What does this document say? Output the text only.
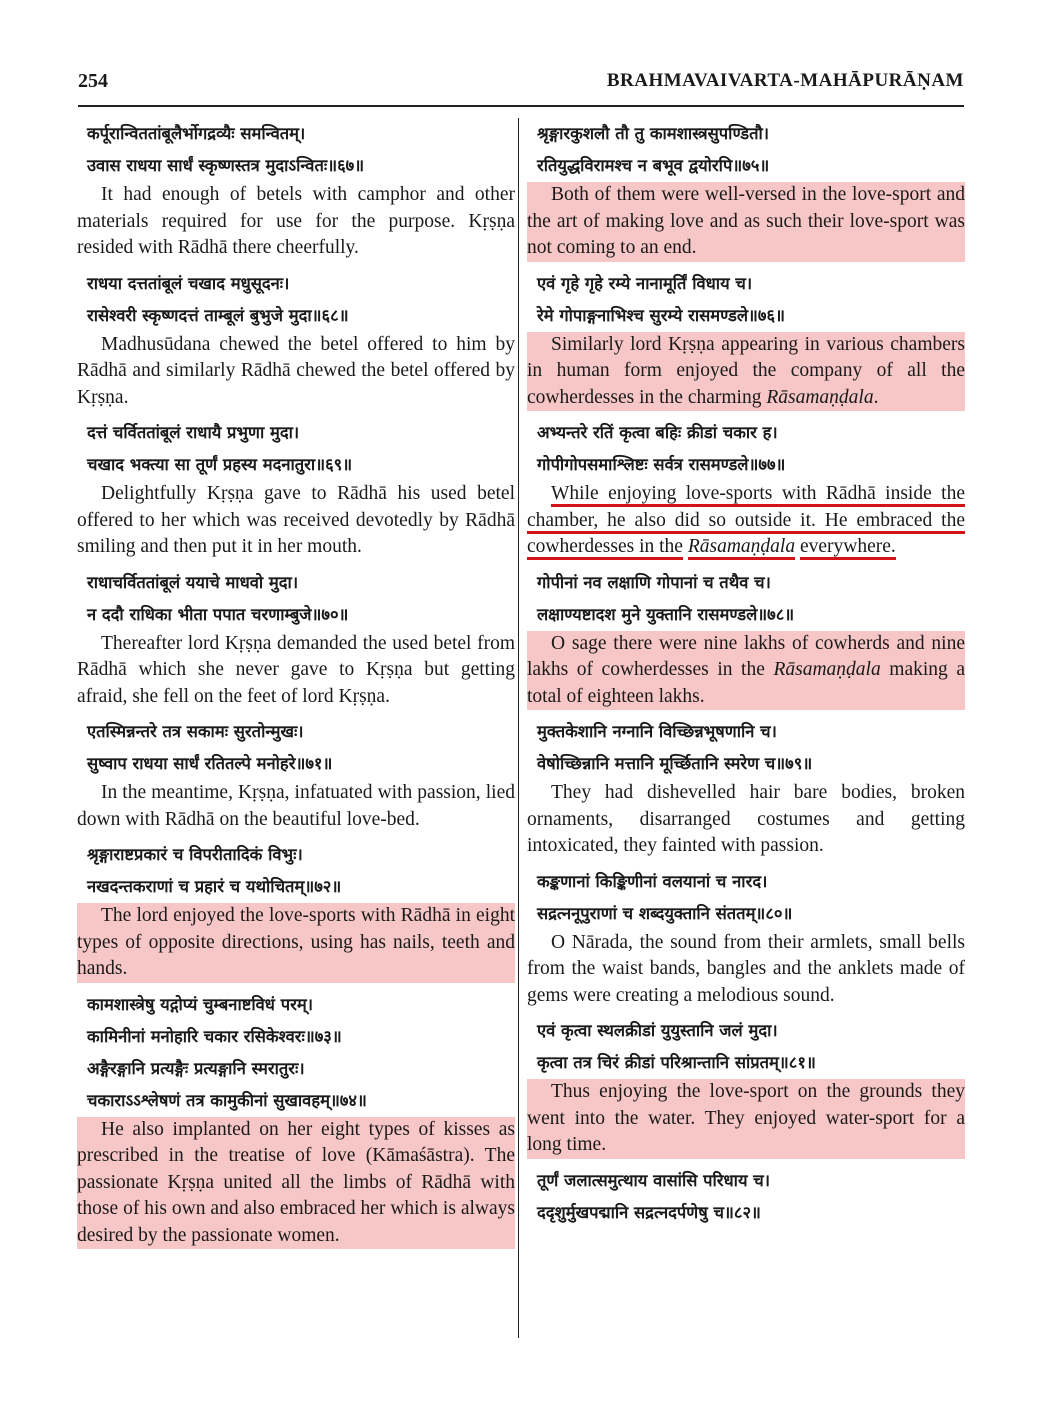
254	BRAHMAVAIVARTA-MAHĀPURĀṆAM

कर्पूरान्विततांबूलैर्भोगद्रव्यैः समन्वितम्।

उवास राधया सार्धं स्कृष्णस्तत्र मुदाऽन्वितः॥६७॥

It had enough of betels with camphor and other materials required for use for the purpose. Kṛṣṇa resided with Rādhā there cheerfully.

राधया दत्ततांबूलं चखाद मधुसूदनः।

रासेश्वरी स्कृष्णदत्तं ताम्बूलं बुभुजे मुदा॥६८॥

Madhusūdana chewed the betel offered to him by Rādhā and similarly Rādhā chewed the betel offered by Kṛṣṇa.

दत्तं चर्विततांबूलं राधायै प्रभुणा मुदा।

चखाद भक्त्या सा तूर्णं प्रहस्य मदनातुरा॥६९॥

Delightfully Kṛṣṇa gave to Rādhā his used betel offered to her which was received devotedly by Rādhā smiling and then put it in her mouth.

राधाचर्विततांबूलं ययाचे माधवो मुदा।

न ददौ राधिका भीता पपात चरणाम्बुजे॥७०॥

Thereafter lord Kṛṣṇa demanded the used betel from Rādhā which she never gave to Kṛṣṇa but getting afraid, she fell on the feet of lord Kṛṣṇa.

एतस्मिन्नन्तरे तत्र सकामः सुरतोन्मुखः।

सुष्वाप राधया सार्धं रतितल्पे मनोहरे॥७१॥

In the meantime, Kṛṣṇa, infatuated with passion, lied down with Rādhā on the beautiful love-bed.

श्रृङ्गाराष्टप्रकारं च विपरीतादिकं विभुः।

नखदन्तकराणां च प्रहारं च यथोचितम्॥७२॥

The lord enjoyed the love-sports with Rādhā in eight types of opposite directions, using has nails, teeth and hands.

कामशास्त्रेषु यद्गोप्यं चुम्बनाष्टविधं परम्।

कामिनीनां मनोहारि चकार रसिकेश्वरः॥७३॥

अङ्गैरङ्गानि प्रत्यङ्गैः प्रत्यङ्गानि स्मरातुरः।

चकाराऽऽश्लेषणं तत्र कामुकीनां सुखावहम्॥७४॥

He also implanted on her eight types of kisses as prescribed in the treatise of love (Kāmaśāstra). The passionate Kṛṣṇa united all the limbs of Rādhā with those of his own and also embraced her which is always desired by the passionate women.

श्रृङ्गारकुशलौ तौ तु कामशास्त्रसुपण्डितौ।

रतियुद्धविरामश्च न बभूव द्वयोरपि॥७५॥

Both of them were well-versed in the love-sport and the art of making love and as such their love-sport was not coming to an end.

एवं गृहे गृहे रम्ये नानामूर्तिं विधाय च।

रेमे गोपाङ्गनाभिश्च सुरम्ये रासमण्डले॥७६॥

Similarly lord Kṛṣṇa appearing in various chambers in human form enjoyed the company of all the cowherdesses in the charming Rāsamaṇḍala.

अभ्यन्तरे रतिं कृत्वा बहिः क्रीडां चकार ह।

गोपीगोपसमाश्लिष्टः सर्वत्र रासमण्डले॥७७॥

While enjoying love-sports with Rādhā inside the chamber, he also did so outside it. He embraced the cowherdesses in the Rāsamaṇḍala everywhere.

गोपीनां नव लक्षाणि गोपानां च तथैव च।

लक्षाण्यष्टादश मुने युक्तानि रासमण्डले॥७८॥

O sage there were nine lakhs of cowherds and nine lakhs of cowherdesses in the Rāsamaṇḍala making a total of eighteen lakhs.

मुक्तकेशानि नग्नानि विच्छिन्नभूषणानि च।

वेषोच्छिन्नानि मत्तानि मूर्च्छितानि स्मरेण च॥७९॥

They had dishevelled hair bare bodies, broken ornaments, disarranged costumes and getting intoxicated, they fainted with passion.

कङ्कणानां किङ्किणीनां वलयानां च नारद।

सद्रत्ननूपुराणां च शब्दयुक्तानि संततम्॥८०॥

O Nārada, the sound from their armlets, small bells from the waist bands, bangles and the anklets made of gems were creating a melodious sound.

एवं कृत्वा स्थलक्रीडां युयुस्तानि जलं मुदा।

कृत्वा तत्र चिरं क्रीडां परिश्रान्तानि सांप्रतम्॥८१॥

Thus enjoying the love-sport on the grounds they went into the water. They enjoyed water-sport for a long time.

तूर्णं जलात्समुत्थाय वासांसि परिधाय च।

ददृशुर्मुखपद्मानि सद्रत्नदर्पणेषु च॥८२॥
